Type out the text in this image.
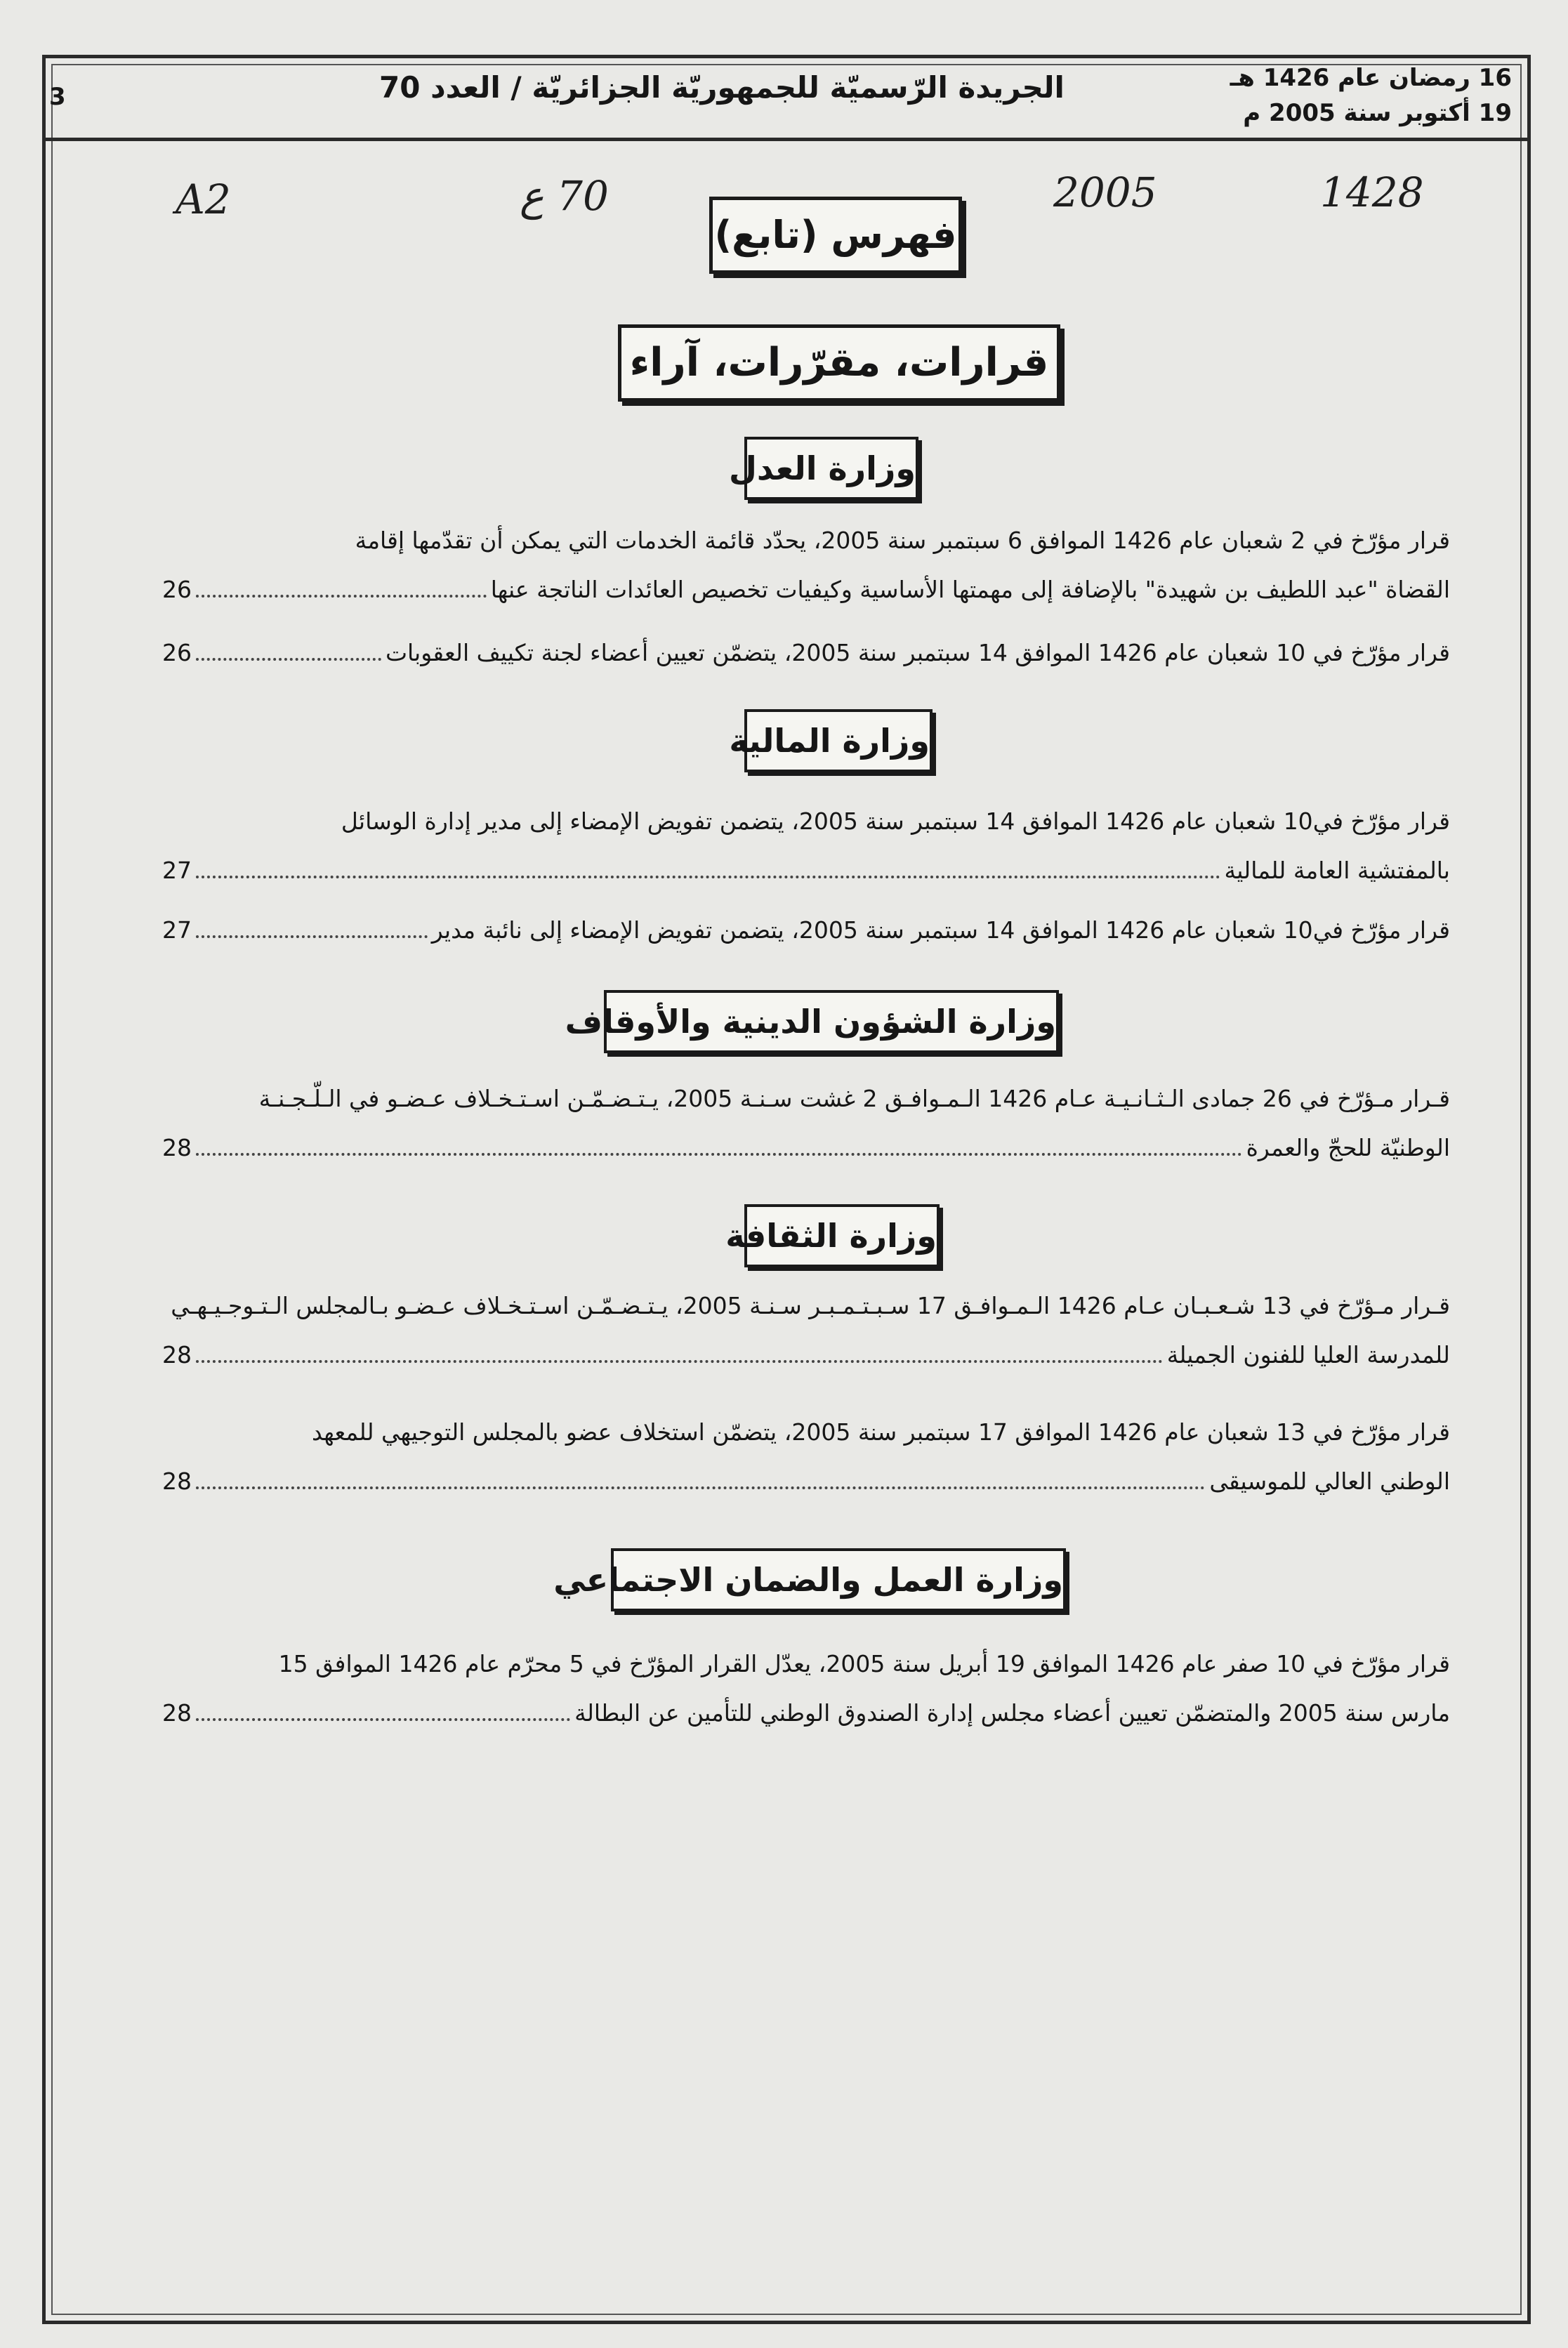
16 رمضان عام 1426 هـ
19 أكتوبر سنة 2005 م
الجريدة الرّسميّة للجمهوريّة الجزائريّة / العدد 70
3
A2	70 ع	2005	1428
فهرس (تابع)
قرارات، مقرّرات، آراء
وزارة العدل
قرار مؤرّخ في 2 شعبان عام 1426 الموافق 6 سبتمبر سنة 2005، يحدّد قائمة الخدمات التي يمكن أن تقدّمها إقامة
القضاة "عبد اللطيف بن شهيدة" بالإضافة إلى مهمتها الأساسية وكيفيات تخصيص العائدات الناتجة عنها
26
قرار مؤرّخ في 10 شعبان عام 1426 الموافق 14 سبتمبر سنة 2005، يتضمّن تعيين أعضاء لجنة تكييف العقوبات
26
وزارة المالية
قرار مؤرّخ في10 شعبان عام 1426 الموافق 14 سبتمبر سنة 2005، يتضمن تفويض الإمضاء إلى مدير إدارة الوسائل
بالمفتشية العامة للمالية
27
قرار مؤرّخ في10 شعبان عام 1426 الموافق 14 سبتمبر سنة 2005، يتضمن تفويض الإمضاء إلى نائبة مدير
27
وزارة الشؤون الدينية والأوقاف
قـرار مـؤرّخ في 26 جمادى الـثـانـيـة عـام 1426 الـمـوافـق 2 غشت سـنـة 2005، يـتـضـمّـن اسـتـخـلاف عـضـو في الـلّـجـنـة
الوطنيّة للحجّ والعمرة
28
وزارة الثقافة
قـرار مـؤرّخ في 13 شـعـبـان عـام 1426 الـمـوافـق 17 سـبـتـمـبـر سـنـة 2005، يـتـضـمّـن اسـتـخـلاف عـضـو بـالمجلس الـتـوجـيـهـي
للمدرسة العليا للفنون الجميلة
28
قرار مؤرّخ في 13 شعبان عام 1426 الموافق 17 سبتمبر سنة 2005، يتضمّن استخلاف عضو بالمجلس التوجيهي للمعهد
الوطني العالي للموسيقى
28
وزارة العمل والضمان الاجتماعي
قرار مؤرّخ في 10 صفر عام 1426 الموافق 19 أبريل سنة 2005، يعدّل القرار المؤرّخ في 5 محرّم عام 1426 الموافق 15
مارس سنة 2005 والمتضمّن تعيين أعضاء مجلس إدارة الصندوق الوطني للتأمين عن البطالة
28
